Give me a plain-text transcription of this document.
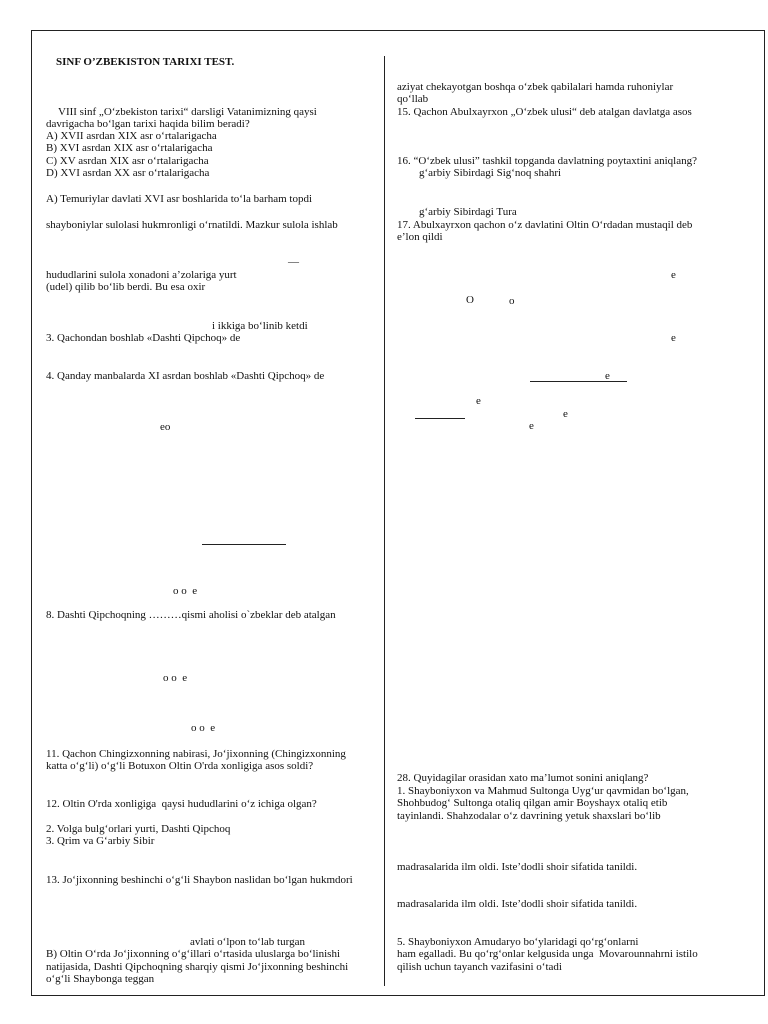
SINF O’ZBEKISTON TARIXI TEST.
VIII sinf „O‘zbekiston tarixi“ darsligi Vatanimizning qaysi
davrigacha bo‘lgan tarixi haqida bilim beradi?
A) XVII asrdan XIX asr o‘rtalarigacha
B) XVI asrdan XIX asr o‘rtalarigacha
C) XV asrdan XIX asr o‘rtalarigacha
D) XVI asrdan XX asr o‘rtalarigacha
A) Temuriylar davlati XVI asr boshlarida to‘la barham topdi
shayboniylar sulolasi hukmronligi o‘rnatildi. Mazkur sulola ishlab
—
hududlarini sulola xonadoni a’zolariga yurt
(udel) qilib bo‘lib berdi. Bu esa oxir
i ikkiga bo‘linib ketdi
3. Qachondan boshlab «Dashti Qipchoq» de
4. Qanday manbalarda XI asrdan boshlab «Dashti Qipchoq» de
eo
o o  e
8. Dashti Qipchoqning ………qismi aholisi o`zbeklar deb atalgan
o o  e
o o  e
11. Qachon Chingizxonning nabirasi, Jo‘jixonning (Chingizxonning
katta o‘g‘li) o‘g‘li Botuxon Oltin O'rda xonligiga asos soldi?
12. Oltin O'rda xonligiga  qaysi hududlarini o‘z ichiga olgan?
2. Volga bulg‘orlari yurti, Dashti Qipchoq
3. Qrim va G‘arbiy Sibir
13. Jo‘jixonning beshinchi o‘g‘li Shaybon naslidan bo‘lgan hukmdori
avlati o‘lpon to‘lab turgan
B) Oltin O‘rda Jo‘jixonning o‘g‘illari o‘rtasida uluslarga bo‘linishi
natijasida, Dashti Qipchoqning sharqiy qismi Jo‘jixonning beshinchi
o‘g‘li Shaybonga teggan
aziyat chekayotgan boshqa o‘zbek qabilalari hamda ruhoniylar
qo‘llab
15. Qachon Abulxayrxon „O‘zbek ulusi“ deb atalgan davlatga asos
16. “O‘zbek ulusi” tashkil topganda davlatning poytaxtini aniqlang?
g‘arbiy Sibirdagi Sig‘noq shahri
g‘arbiy Sibirdagi Tura
17. Abulxayrxon qachon o‘z davlatini Oltin O‘rdadan mustaqil deb
e’lon qildi
e
O	o
e
e
e
e
e
28. Quyidagilar orasidan xato ma’lumot sonini aniqlang?
1. Shayboniyxon va Mahmud Sultonga Uyg‘ur qavmidan bo‘lgan,
Shohbudog‘ Sultonga otaliq qilgan amir Boyshayx otaliq etib
tayinlandi. Shahzodalar o‘z davrining yetuk shaxslari bo‘lib
madrasalarida ilm oldi. Iste’dodli shoir sifatida tanildi.
madrasalarida ilm oldi. Iste’dodli shoir sifatida tanildi.
5. Shayboniyxon Amudaryo bo‘ylaridagi qo‘rg‘onlarni
ham egalladi. Bu qo‘rg‘onlar kelgusida unga  Movarounnahrni istilo
qilish uchun tayanch vazifasini o‘tadi
